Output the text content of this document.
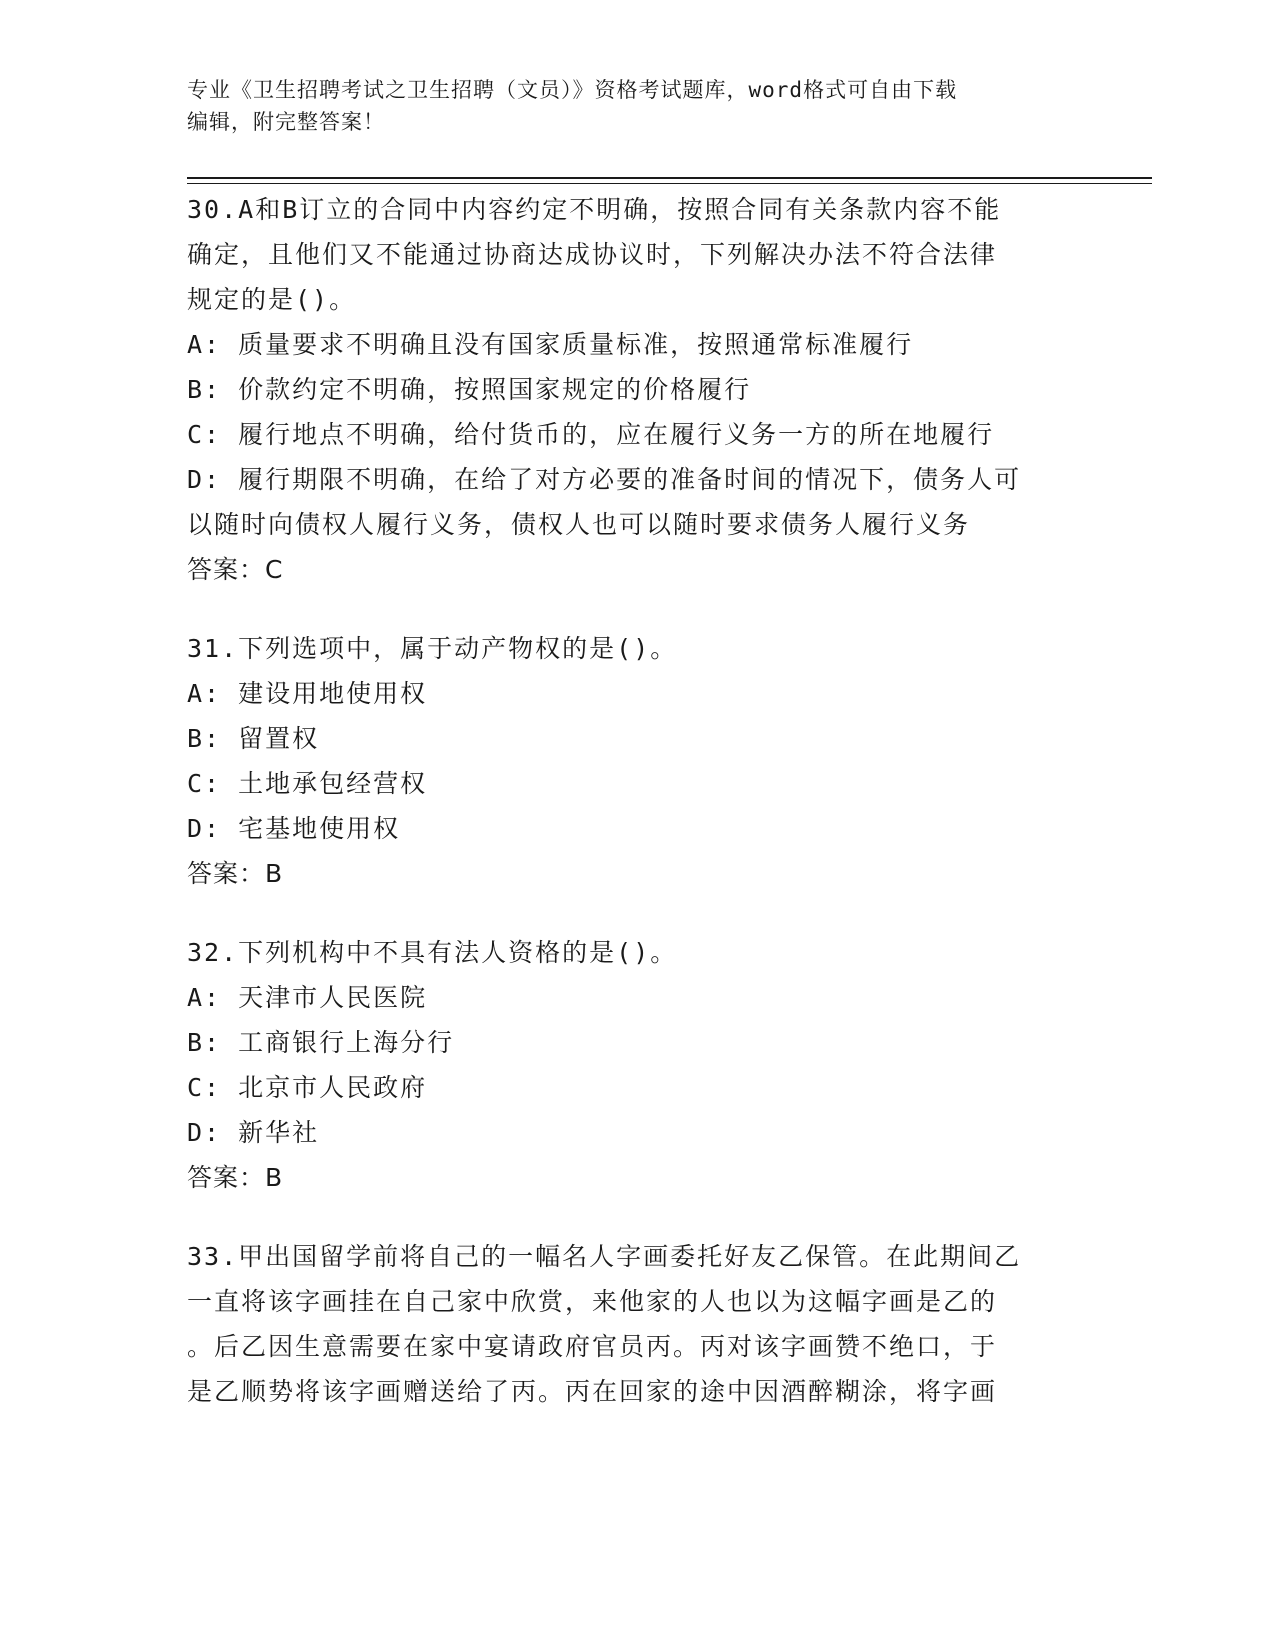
专业《卫生招聘考试之卫生招聘（文员）》资格考试题库，word格式可自由下载

编辑，附完整答案！

30.A和B订立的合同中内容约定不明确，按照合同有关条款内容不能

确定，且他们又不能通过协商达成协议时，下列解决办法不符合法律

规定的是()。

A: 质量要求不明确且没有国家质量标准，按照通常标准履行

B: 价款约定不明确，按照国家规定的价格履行

C: 履行地点不明确，给付货币的，应在履行义务一方的所在地履行

D: 履行期限不明确，在给了对方必要的准备时间的情况下，债务人可

以随时向债权人履行义务，债权人也可以随时要求债务人履行义务

答案：C

31.下列选项中，属于动产物权的是()。

A: 建设用地使用权

B: 留置权

C: 土地承包经营权

D: 宅基地使用权

答案：B

32.下列机构中不具有法人资格的是()。

A: 天津市人民医院

B: 工商银行上海分行

C: 北京市人民政府

D: 新华社

答案：B

33.甲出国留学前将自己的一幅名人字画委托好友乙保管。在此期间乙

一直将该字画挂在自己家中欣赏，来他家的人也以为这幅字画是乙的

。后乙因生意需要在家中宴请政府官员丙。丙对该字画赞不绝口，于

是乙顺势将该字画赠送给了丙。丙在回家的途中因酒醉糊涂，将字画
